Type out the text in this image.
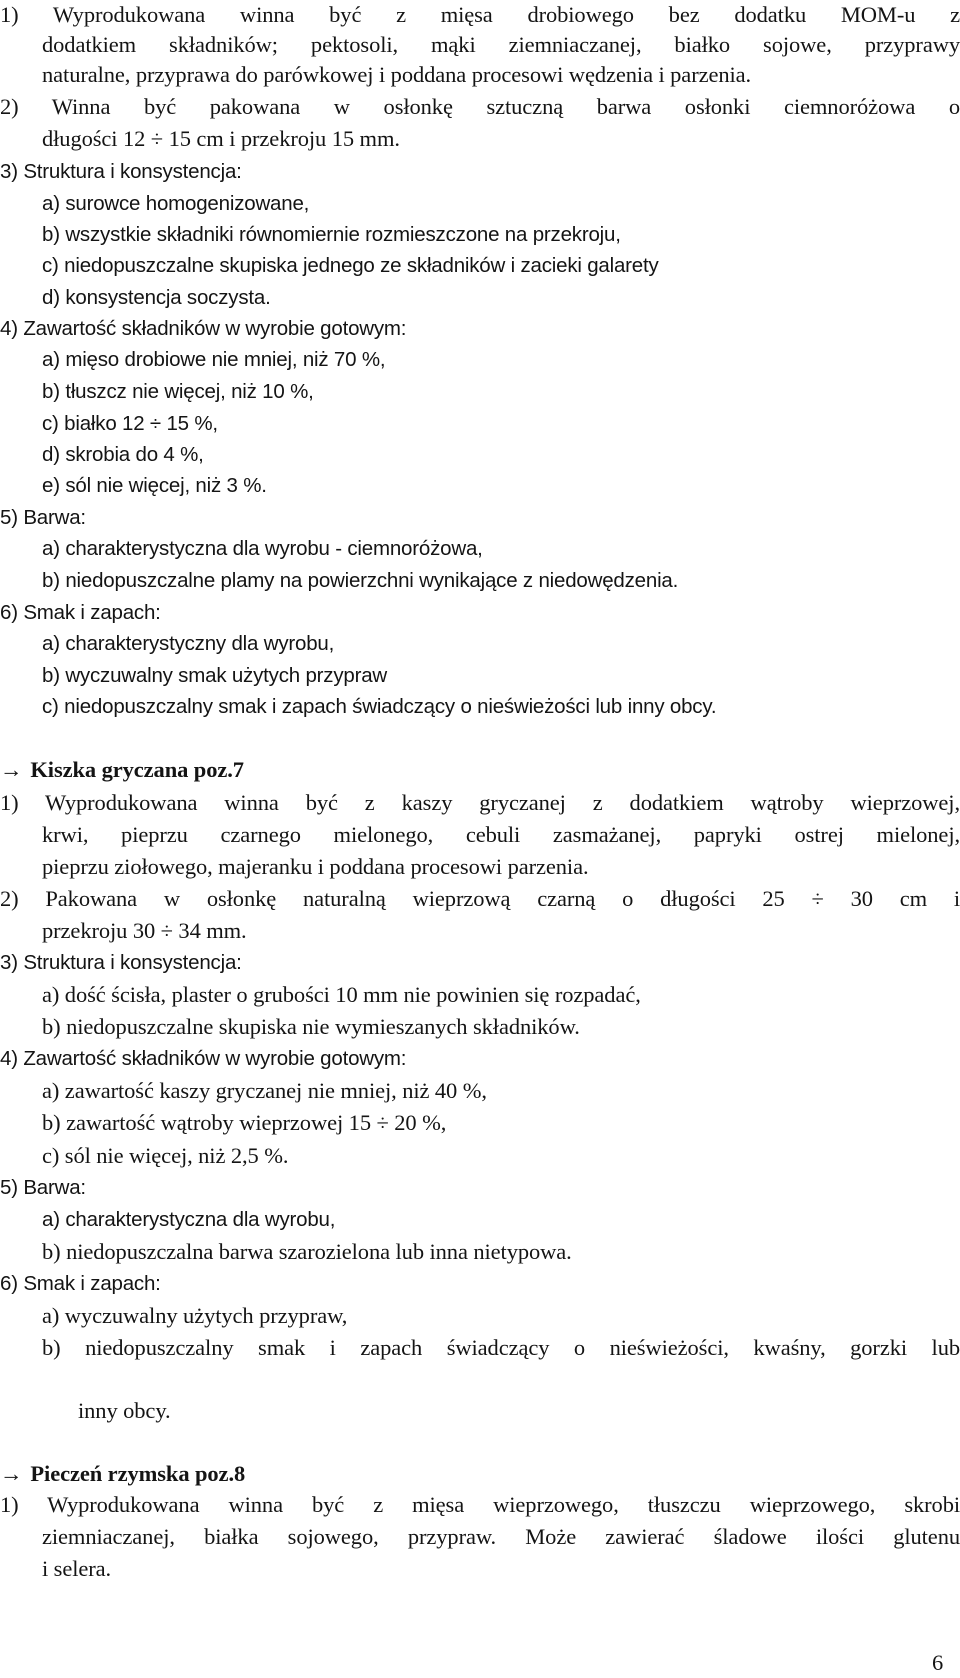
1) Wyprodukowana winna być z mięsa drobiowego bez dodatku MOM-u z
dodatkiem składników; pektosoli, mąki ziemniaczanej, białko sojowe, przyprawy
naturalne, przyprawa do parówkowej i poddana procesowi wędzenia i parzenia.
2) Winna być pakowana w osłonkę sztuczną barwa osłonki ciemnoróżowa o
długości 12 ÷ 15 cm i przekroju 15 mm.
3) Struktura i konsystencja:
a) surowce homogenizowane,
b) wszystkie składniki równomiernie rozmieszczone na przekroju,
c) niedopuszczalne skupiska jednego ze składników i zacieki galarety
d) konsystencja soczysta.
4) Zawartość składników w wyrobie gotowym:
a) mięso drobiowe nie mniej, niż 70 %,
b) tłuszcz nie więcej, niż 10 %,
c) białko 12 ÷ 15 %,
d) skrobia do 4 %,
e) sól nie więcej, niż 3 %.
5) Barwa:
a) charakterystyczna dla wyrobu - ciemnoróżowa,
b) niedopuszczalne plamy na powierzchni wynikające z niedowędzenia.
6) Smak i zapach:
a) charakterystyczny dla wyrobu,
b) wyczuwalny smak użytych przypraw
c) niedopuszczalny smak i zapach świadczący o nieświeżości lub inny obcy.
→ Kiszka gryczana poz.7
1) Wyprodukowana winna być z kaszy gryczanej z dodatkiem wątroby wieprzowej,
krwi, pieprzu czarnego mielonego, cebuli zasmażanej, papryki ostrej mielonej,
pieprzu ziołowego, majeranku i poddana procesowi parzenia.
2) Pakowana w osłonkę naturalną wieprzową czarną o długości 25 ÷ 30 cm i
przekroju 30 ÷ 34 mm.
3) Struktura i konsystencja:
a) dość ścisła, plaster o grubości 10 mm nie powinien się rozpadać,
b) niedopuszczalne skupiska nie wymieszanych składników.
4) Zawartość składników w wyrobie gotowym:
a) zawartość kaszy gryczanej nie mniej, niż 40 %,
b) zawartość wątroby wieprzowej 15 ÷ 20 %,
c) sól nie więcej, niż 2,5 %.
5) Barwa:
a) charakterystyczna dla wyrobu,
b) niedopuszczalna barwa szarozielona lub inna nietypowa.
6) Smak i zapach:
a) wyczuwalny użytych przypraw,
b) niedopuszczalny smak i zapach świadczący o nieświeżości, kwaśny, gorzki lub
inny obcy.
→ Pieczeń rzymska poz.8
1) Wyprodukowana winna być z mięsa wieprzowego, tłuszczu wieprzowego, skrobi
ziemniaczanej, białka sojowego, przypraw. Może zawierać śladowe ilości glutenu
i selera.
6
